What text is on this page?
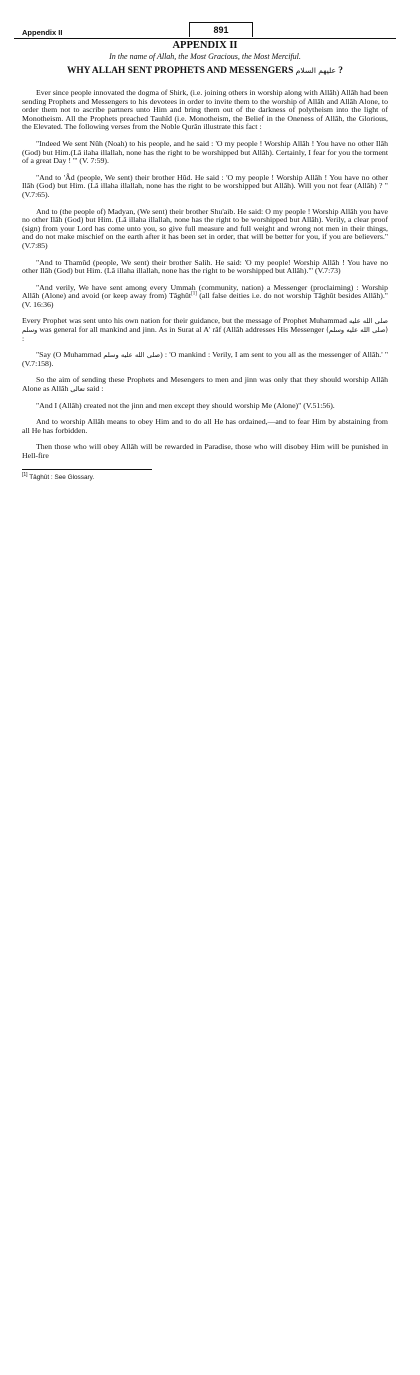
Appendix II	891
APPENDIX II

In the name of Allah, the Most Gracious, the Most Merciful.

WHY ALLAH SENT PROPHETS AND MESSENGERS عليهم السلام ?

Ever since people innovated the dogma of Shirk, (i.e. joining others in worship along with Allâh) Allâh had been sending Prophets and Messengers to his devotees in order to invite them to the worship of Allâh and Allâh Alone, to order them not to ascribe partners unto Him and bring them out of the darkness of polytheism into the light of Monotheism. All the Prophets preached Tauhîd (i.e. Monotheism, the Belief in the Oneness of Allâh, the Glorious, the Elevated. The following verses from the Noble Qurân illustrate this fact :

"Indeed We sent Nûh (Noah) to his people, and he said : 'O my people ! Worship Allâh ! You have no other Ilâh (God) but Him.(Lâ ilaha illallah, none has the right to be worshipped but Allâh). Certainly, I fear for you the torment of a great Day ! '" (V. 7:59).

"And to 'Âd (people, We sent) their brother Hûd. He said : 'O my people ! Worship Allâh ! You have no other Ilâh (God) but Him. (Lâ illaha illallah, none has the right to be worshipped but Allâh). Will you not fear (Allâh) ? " (V.7:65).

And to (the people of) Madyan, (We sent) their brother Shu'aib. He said: O my people ! Worship Allâh you have no other Ilâh (God) but Him. (Lâ illaha illallah, none has the right to be worshipped but Allâh). Verily, a clear proof (sign) from your Lord has come unto you, so give full measure and full weight and wrong not men in their things, and do not make mischief on the earth after it has been set in order, that will be better for you, if you are believers." (V.7:85)

"And to Thamûd (people, We sent) their brother Salih. He said: 'O my people! Worship Allâh ! You have no other Ilâh (God) but Him. (Lâ illaha illallah, none has the right to be worshipped but Allâh).'" (V.7:73)

"And verily, We have sent among every Ummah (community, nation) a Messenger (proclaiming) : Worship Allâh (Alone) and avoid (or keep away from) Tâghût[1] (all false deities i.e. do not worship Tâghût besides Allâh)." (V. 16:36)

Every Prophet was sent unto his own nation for their guidance, but the message of Prophet Muhammad صلى الله عليه وسلم was general for all mankind and jinn. As in Surat al A' râf (Allâh addresses His Messenger (صلى الله عليه وسلم) :

"Say (O Muhammad صلى الله عليه وسلم) : 'O mankind : Verily, I am sent to you all as the messenger of Allâh.' " (V.7:158).

So the aim of sending these Prophets and Mesengers to men and jinn was only that they should worship Allâh Alone as Allâh تعالى said :

"And I (Allâh) created not the jinn and men except they should worship Me (Alone)" (V.51:56).

And to worship Allâh means to obey Him and to do all He has ordained,—and to fear Him by abstaining from all He has forbidden.

Then those who will obey Allâh will be rewarded in Paradise, those who will disobey Him will be punished in Hell-fire

[1] Tâghût : See Glossary.
